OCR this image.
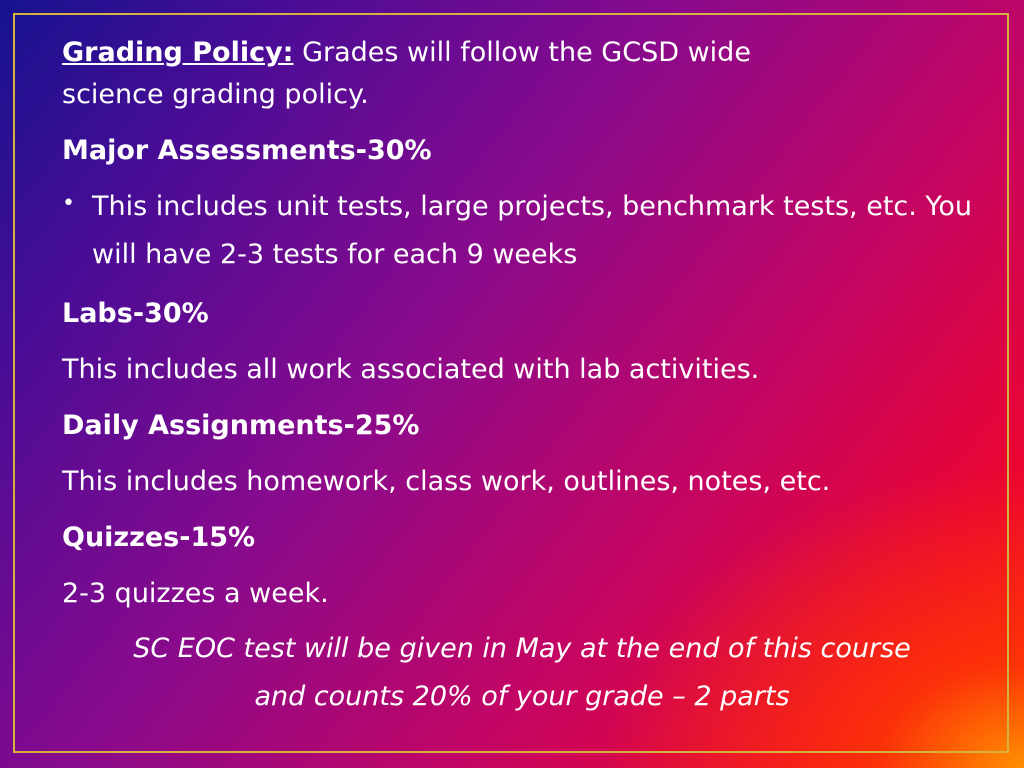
Grading Policy: Grades will follow the GCSD wide

science grading policy.

Major Assessments-30%

• This includes unit tests, large projects, benchmark tests, etc. You will have 2-3 tests for each 9 weeks

Labs-30%

This includes all work associated with lab activities.

Daily Assignments-25%

This includes homework, class work, outlines, notes, etc.

Quizzes-15%

2-3 quizzes a week.

SC EOC test will be given in May at the end of this course
and counts 20% of your grade – 2 parts
